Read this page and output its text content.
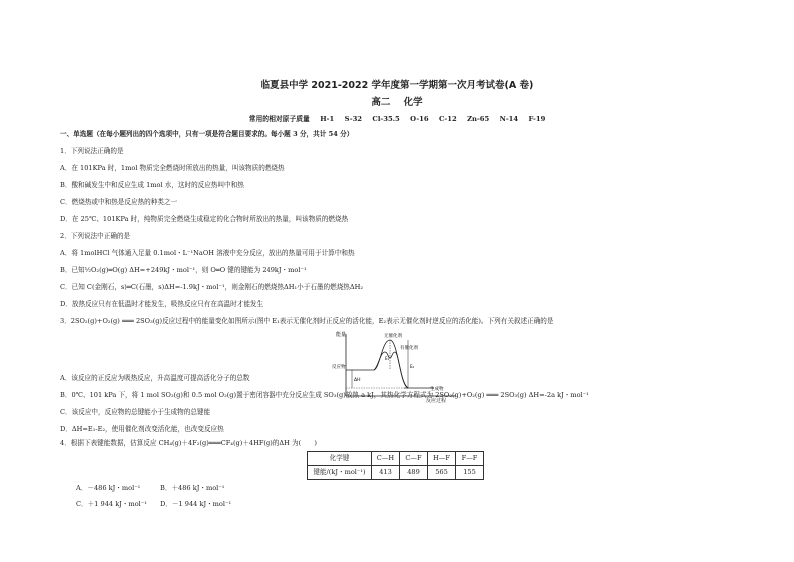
临夏县中学 2021-2022 学年度第一学期第一次月考试卷(A 卷)
高二 化学
常用的相对原子质量 H-1 S-32 Cl-35.5 O-16 C-12 Zn-65 N-14 F-19
一、单选题（在每小题列出的四个选项中，只有一项是符合题目要求的。每小题 3 分，共计 54 分）
1．下列说法正确的是
A．在 101KPa 时，1mol 物质完全燃烧时所放出的热量，叫该物质的燃烧热
B．酸和碱发生中和反应生成 1mol 水，这时的反应热叫中和热
C．燃烧热或中和热是反应热的种类之一
D．在 25℃、101KPa 时，纯物质完全燃烧生成稳定的化合物时所放出的热量，叫该物质的燃烧热
2．下列说法中正确的是
A．将 1molHCl 气体通入足量 0.1mol・L⁻¹NaOH 溶液中充分反应，放出的热量可用于计算中和热
B．已知½O₂(g)═O(g) ΔH=+249kJ・mol⁻¹，则 O═O 键的键能为 249kJ・mol⁻¹
C．已知 C(金刚石，s)═C(石墨，s)ΔH=-1.9kJ・mol⁻¹，则金刚石的燃烧热ΔH₁小于石墨的燃烧热ΔH₂
D．放热反应只有在低温时才能发生，吸热反应只有在高温时才能发生
3．2SO₂(g)+O₂(g) ═══ 2SO₃(g)反应过程中的能量变化如图所示(图中 E₁表示无催化剂时正反应的活化能，E₂表示无催化剂时逆反应的活化能)。下列有关叙述正确的是
能量
反应过程
反应物
生成物
无催化剂
有催化剂
E₁
E₂
ΔH
A．该反应的正反应为吸热反应，升高温度可提高活化分子的总数
B．0℃、101 kPa 下，将 1 mol SO₂(g)和 0.5 mol O₂(g)置于密闭容器中充分反应生成 SO₃(g)放热 a kJ，其热化学方程式为 2SO₂(g)+O₂(g) ═══ 2SO₃(g) ΔH=-2a kJ・mol⁻¹
C．该反应中，反应物的总键能小于生成物的总键能
D．ΔH=E₁-E₂，使用催化剂改变活化能，也改变反应热
4．根据下表键能数据，估算反应 CH₄(g)＋4F₂(g)═══CF₄(g)＋4HF(g)的ΔH 为(　　)
化学键	C—H	C—F	H—F	F—F
键能/(kJ・mol⁻¹)	413	489	565	155
A．－486 kJ・mol⁻¹	B．＋486 kJ・mol⁻¹
C．＋1 944 kJ・mol⁻¹ D．－1 944 kJ・mol⁻¹
